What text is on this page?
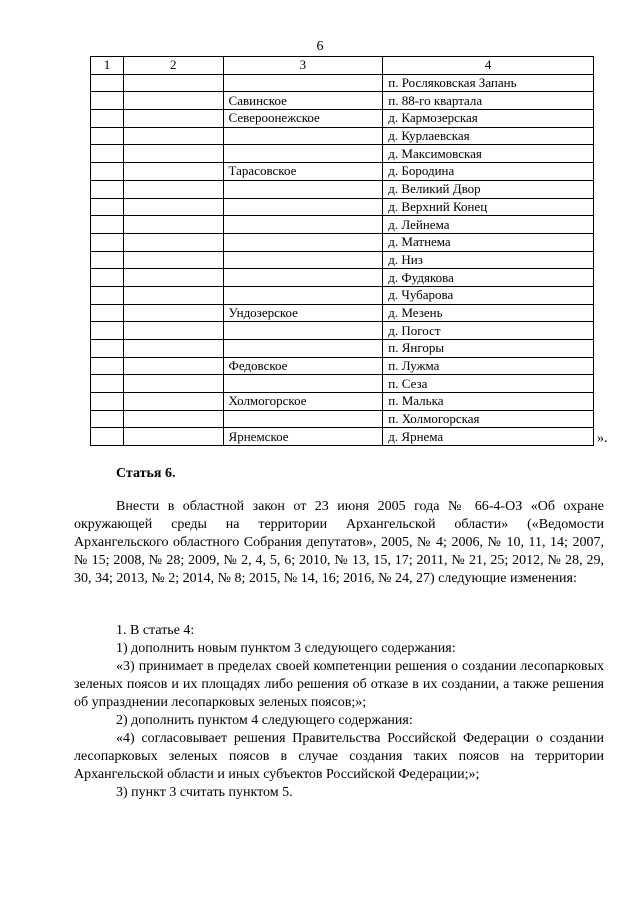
6
1	2	3	4
			п. Росляковская Запань
		Савинское	п. 88-го квартала
		Североонежское	д. Кармозерская
			д. Курлаевская
			д. Максимовская
		Тарасовское	д. Бородина
			д. Великий Двор
			д. Верхний Конец
			д. Лейнема
			д. Матнема
			д. Низ
			д. Фудякова
			д. Чубарова
		Ундозерское	д. Мезень
			д. Погост
			п. Янгоры
		Федовское	п. Лужма
			п. Сеза
		Холмогорское	п. Малька
			п. Холмогорская
		Ярнемское	д. Ярнема	».
Статья 6.

Внести в областной закон от 23 июня 2005 года № 66-4-ОЗ «Об охране окружающей среды на территории Архангельской области» («Ведомости Архангельского областного Собрания депутатов», 2005, № 4; 2006, № 10, 11, 14; 2007, № 15; 2008, № 28; 2009, № 2, 4, 5, 6; 2010, № 13, 15, 17; 2011, № 21, 25; 2012, № 28, 29, 30, 34; 2013, № 2; 2014, № 8; 2015, № 14, 16; 2016, № 24, 27) следующие изменения:

1. В статье 4:

1) дополнить новым пунктом 3 следующего содержания:

«3) принимает в пределах своей компетенции решения о создании лесопарковых зеленых поясов и их площадях либо решения об отказе в их создании, а также решения об упразднении лесопарковых зеленых поясов;»;

2) дополнить пунктом 4 следующего содержания:

«4) согласовывает решения Правительства Российской Федерации о создании лесопарковых зеленых поясов в случае создания таких поясов на территории Архангельской области и иных субъектов Российской Федерации;»;

3) пункт 3 считать пунктом 5.
